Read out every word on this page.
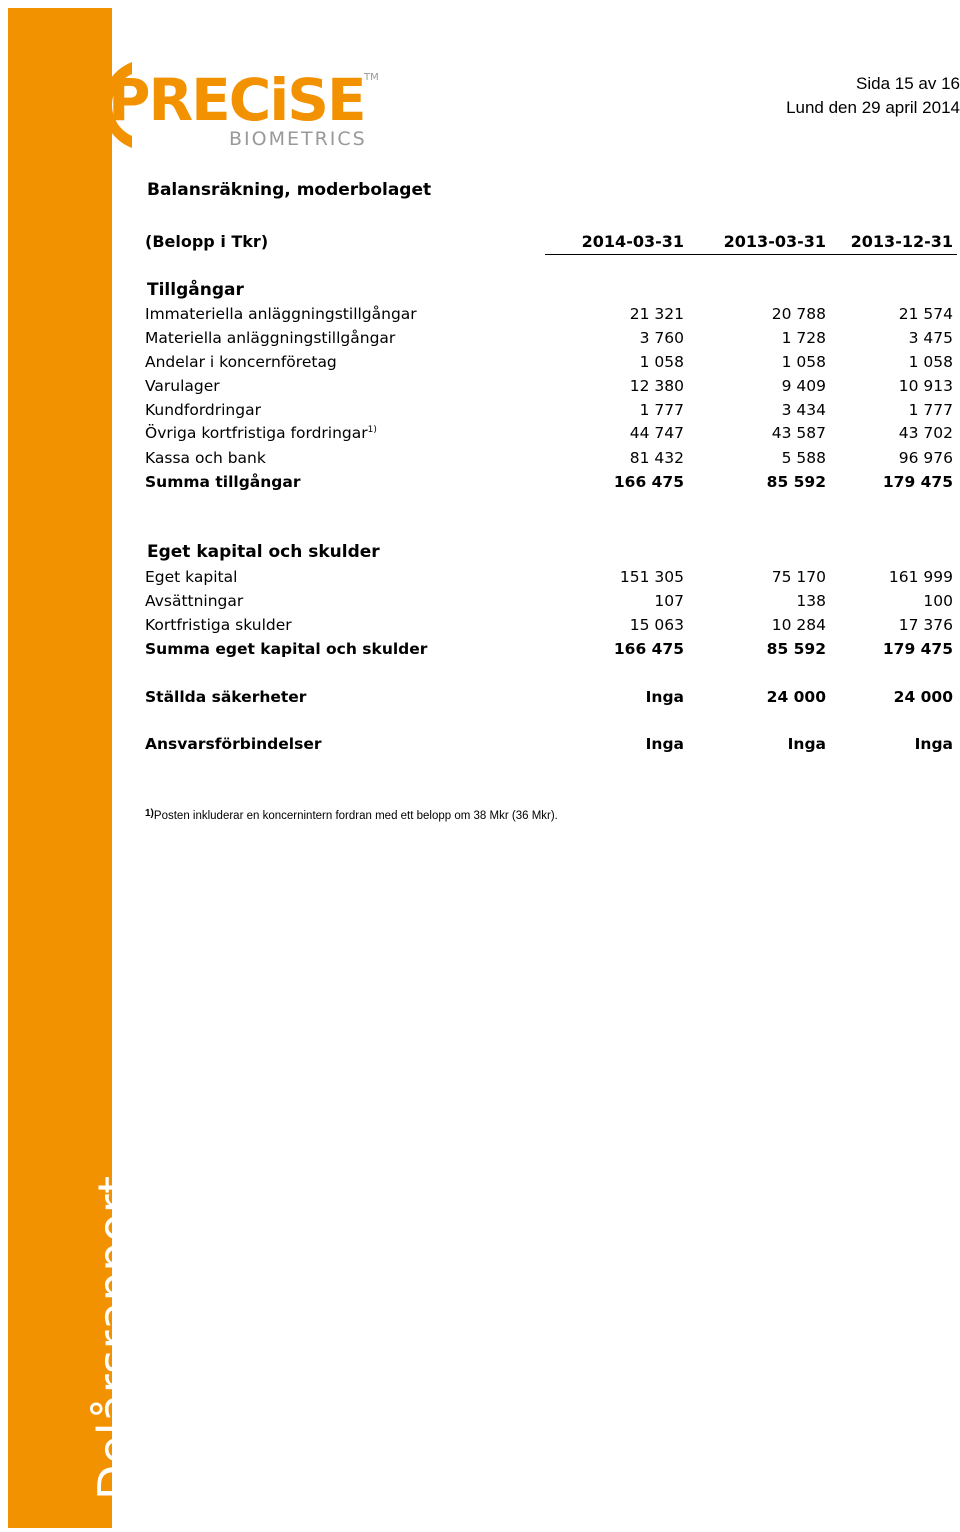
Delårsrapport
PRECiSE TM
BIOMETRICS
Sida 15 av 16
Lund den 29 april 2014
Balansräkning, moderbolaget
(Belopp i Tkr)	2014-03-31 2013-03-31 2013-12-31
Tillgångar
Immateriella anläggningstillgångar	21 321	20 788	21 574
Materiella anläggningstillgångar	3 760	1 728	3 475
Andelar i koncernföretag	1 058	1 058	1 058
Varulager	12 380	9 409	10 913
Kundfordringar	1 777	3 434	1 777
Övriga kortfristiga fordringar$^{1)}$	44 747	43 587	43 702
Kassa och bank	81 432	5 588	96 976
Summa tillgångar	166 475	85 592	179 475
Eget kapital och skulder
Eget kapital	151 305	75 170	161 999
Avsättningar	107	138	100
Kortfristiga skulder	15 063	10 284	17 376
Summa eget kapital och skulder	166 475	85 592	179 475
Ställda säkerheter	Inga	24 000	24 000
Ansvarsförbindelser	Inga	Inga	Inga
1)Posten inkluderar en koncernintern fordran med ett belopp om 38 Mkr (36 Mkr).
